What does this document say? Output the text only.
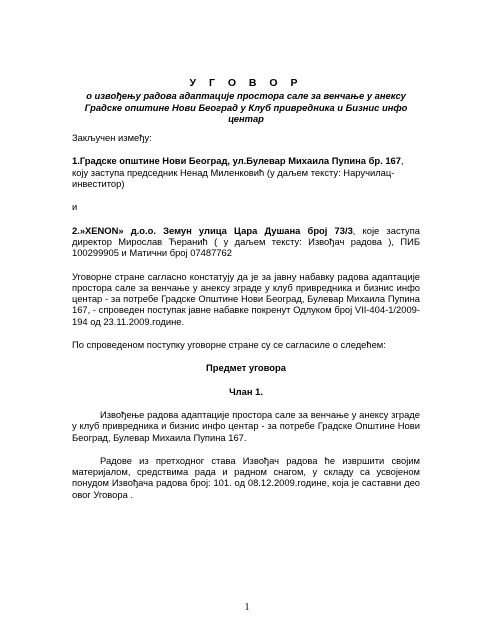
У Г О В О Р

о извођењу радова адаптације простора сале за венчање у анексу Градске општине Нови Београд у Клуб привредника и Бизнис инфо центар

Закључен између:

1.Градске општине Нови Београд, ул.Булевар Михаила Пупина бр. 167, коју заступа председник Ненад Миленковић (у даљем тексту: Наручилац-инвеститор)

и

2.»XENON» д.о.о. Земун улица Цара Душана број 73/3, које заступа директор Мирослав Ћеранић ( у даљем тексту: Извођач радова ), ПИБ 100299905 и Матични број 07487762

Уговорне стране сагласно констатују да је за јавну набавку радова адаптације простора сале за венчање у анексу зграде у клуб привредника и бизнис инфо центар - за потребе Градске Општине Нови Београд, Булевар Михаила Пупина 167, - спроведен поступак јавне набавке покренут Одлуком број VII-404-1/2009-194 од 23.11.2009.године.

По спроведеном поступку уговорне стране су се сагласиле о следећем:

Предмет уговора

Члан 1.

Извођење радова адаптације простора сале за венчање у анексу зграде у клуб привредника и бизнис инфо центар - за потребе Градске Општине Нови Београд, Булевар Михаила Пупина 167.

Радове из претходног става Извођач радова ће извршити својим материјалом, средствима рада и радном снагом, у складу са усвојеном понудом Извођача радова број: 101. од 08.12.2009.године, која је саставни део овог Уговора .

1
